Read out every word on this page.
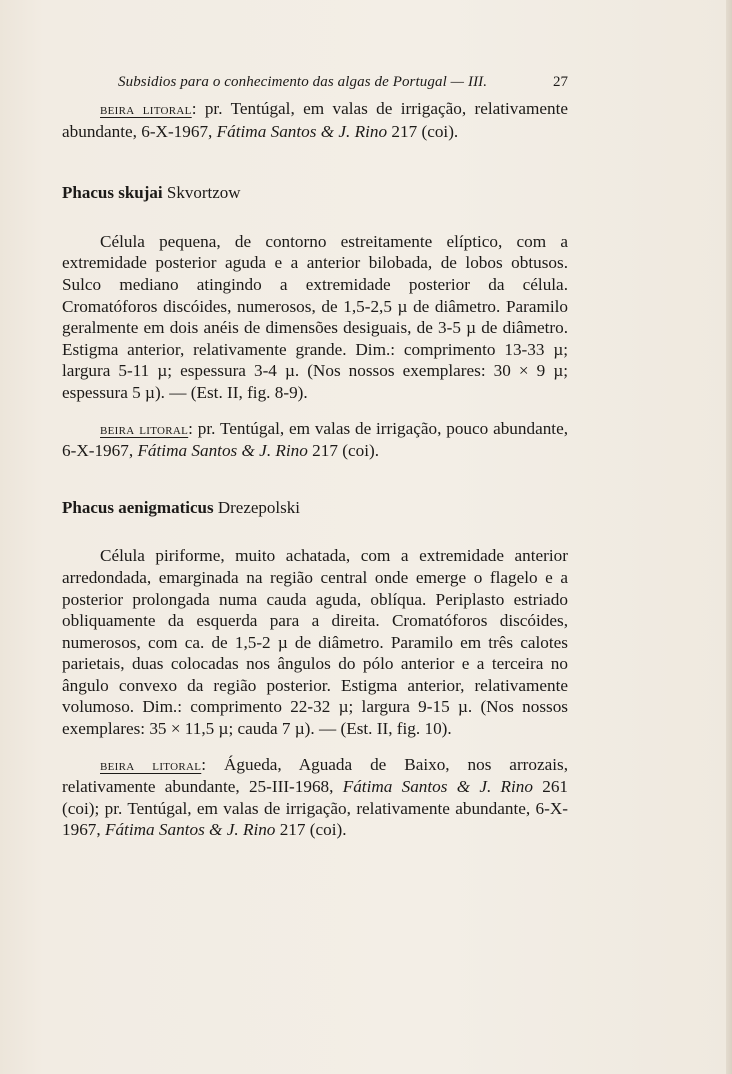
Subsidios para o conhecimento das algas de Portugal — III.	27

beira litoral: pr. Tentúgal, em valas de irrigação, relativamente abundante, 6-X-1967, Fátima Santos & J. Rino 217 (coi).

Phacus skujai Skvortzow

Célula pequena, de contorno estreitamente elíptico, com a extremidade posterior aguda e a anterior bilobada, de lobos obtusos. Sulco mediano atingindo a extremidade posterior da célula. Cromatóforos discóides, numerosos, de 1,5-2,5 µ de diâmetro. Paramilo geralmente em dois anéis de dimensões desiguais, de 3-5 µ de diâmetro. Estigma anterior, relativamente grande. Dim.: comprimento 13-33 µ; largura 5-11 µ; espessura 3-4 µ. (Nos nossos exemplares: 30 × 9 µ; espessura 5 µ). — (Est. II, fig. 8-9).

beira litoral: pr. Tentúgal, em valas de irrigação, pouco abundante, 6-X-1967, Fátima Santos & J. Rino 217 (coi).

Phacus aenigmaticus Drezepolski

Célula piriforme, muito achatada, com a extremidade anterior arredondada, emarginada na região central onde emerge o flagelo e a posterior prolongada numa cauda aguda, oblíqua. Periplasto estriado obliquamente da esquerda para a direita. Cromatóforos discóides, numerosos, com ca. de 1,5-2 µ de diâmetro. Paramilo em três calotes parietais, duas colocadas nos ângulos do pólo anterior e a terceira no ângulo convexo da região posterior. Estigma anterior, relativamente volumoso. Dim.: comprimento 22-32 µ; largura 9-15 µ. (Nos nossos exemplares: 35 × 11,5 µ; cauda 7 µ). — (Est. II, fig. 10).

beira litoral: Águeda, Aguada de Baixo, nos arrozais, relativamente abundante, 25-III-1968, Fátima Santos & J. Rino 261 (coi); pr. Tentúgal, em valas de irrigação, relativamente abundante, 6-X-1967, Fátima Santos & J. Rino 217 (coi).
